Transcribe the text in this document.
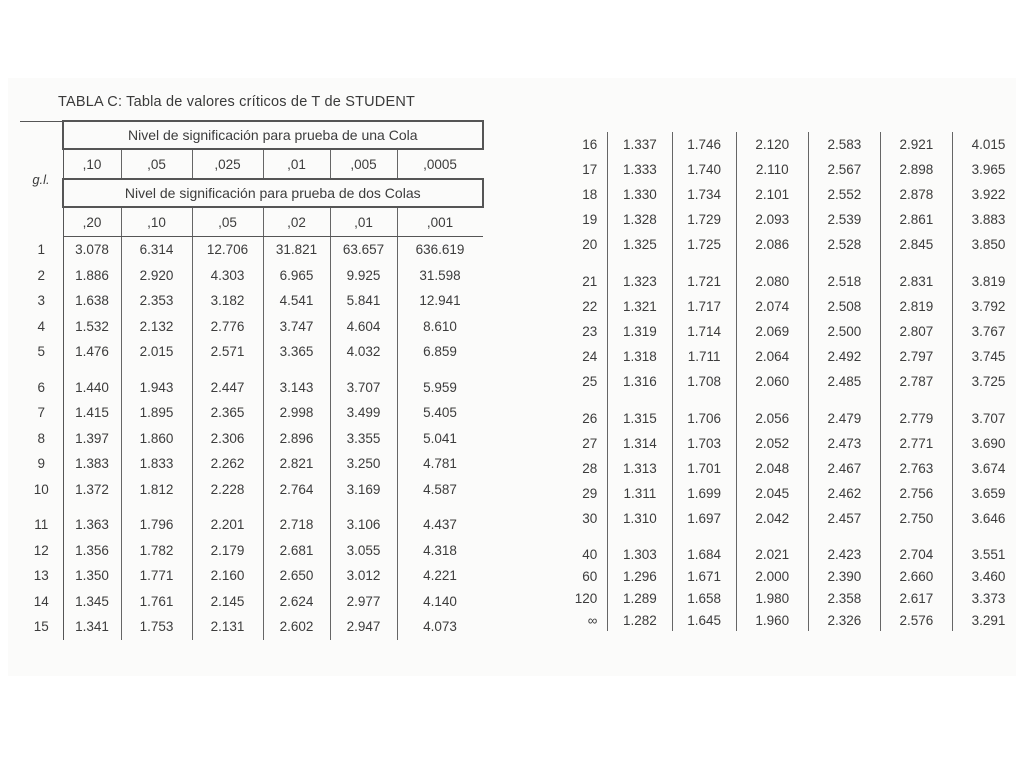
TABLA C: Tabla de valores críticos de T de STUDENT
g.l.	Nivel de significación para prueba de una Cola					
	,10	,05	,025	,01	,005	,0005
	Nivel de significación para prueba de dos Colas					
	,20	,10	,05	,02	,01	,001
1	3.078	6.314	12.706	31.821	63.657	636.619
2	1.886	2.920	4.303	6.965	9.925	31.598
3	1.638	2.353	3.182	4.541	5.841	12.941
4	1.532	2.132	2.776	3.747	4.604	8.610
5	1.476	2.015	2.571	3.365	4.032	6.859

6	1.440	1.943	2.447	3.143	3.707	5.959
7	1.415	1.895	2.365	2.998	3.499	5.405
8	1.397	1.860	2.306	2.896	3.355	5.041
9	1.383	1.833	2.262	2.821	3.250	4.781
10	1.372	1.812	2.228	2.764	3.169	4.587

11	1.363	1.796	2.201	2.718	3.106	4.437
12	1.356	1.782	2.179	2.681	3.055	4.318
13	1.350	1.771	2.160	2.650	3.012	4.221
14	1.345	1.761	2.145	2.624	2.977	4.140
15	1.341	1.753	2.131	2.602	2.947	4.073
16	1.337	1.746	2.120	2.583	2.921	4.015
17	1.333	1.740	2.110	2.567	2.898	3.965
18	1.330	1.734	2.101	2.552	2.878	3.922
19	1.328	1.729	2.093	2.539	2.861	3.883
20	1.325	1.725	2.086	2.528	2.845	3.850

21	1.323	1.721	2.080	2.518	2.831	3.819
22	1.321	1.717	2.074	2.508	2.819	3.792
23	1.319	1.714	2.069	2.500	2.807	3.767
24	1.318	1.711	2.064	2.492	2.797	3.745
25	1.316	1.708	2.060	2.485	2.787	3.725

26	1.315	1.706	2.056	2.479	2.779	3.707
27	1.314	1.703	2.052	2.473	2.771	3.690
28	1.313	1.701	2.048	2.467	2.763	3.674
29	1.311	1.699	2.045	2.462	2.756	3.659
30	1.310	1.697	2.042	2.457	2.750	3.646

40	1.303	1.684	2.021	2.423	2.704	3.551
60	1.296	1.671	2.000	2.390	2.660	3.460
120	1.289	1.658	1.980	2.358	2.617	3.373
∞	1.282	1.645	1.960	2.326	2.576	3.291
